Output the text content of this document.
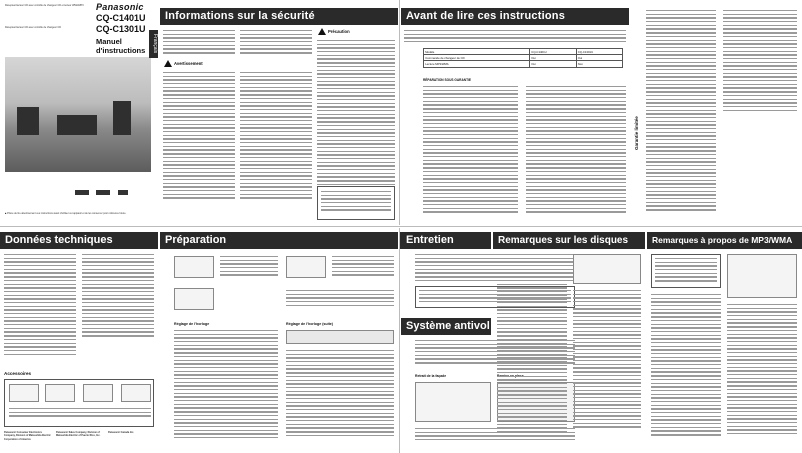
Récepteur/lecteur CD avec contrôle de changeur CD et lecteur WMA/MP3	Panasonic
CQ-C1401U
Récepteur/lecteur CD avec contrôle de changeur CD	CQ-C1301U
Manuel d'instructions
	Français
■ Prière de lire attentivement ces instructions avant d'utiliser cet appareil et de les conserver pour référence future.
Informations sur la sécurité
Avertissement
Précaution
Avant de lire ces instructions
Modèle	CQ-C1401U	CQ-C1301U
Commande de changeur de CD	Oui	Oui
Lecture MP3/WMA	Oui	Non
RÉPARATION SOUS GARANTIE
Garantie limitée
Données techniques
Accessoires
Panasonic Consumer Electronics Company, Division of Matsushita Electric Corporation of America
Panasonic Sales Company, Division of Matsushita Electric of Puerto Rico, Inc.
Panasonic Canada Inc.
Préparation
Réglage de l'horloge	Réglage de l'horloge (suite)
Entretien
Système antivol
Retrait de la façade
Remarques sur les disques	Remarques à propos de MP3/WMA
